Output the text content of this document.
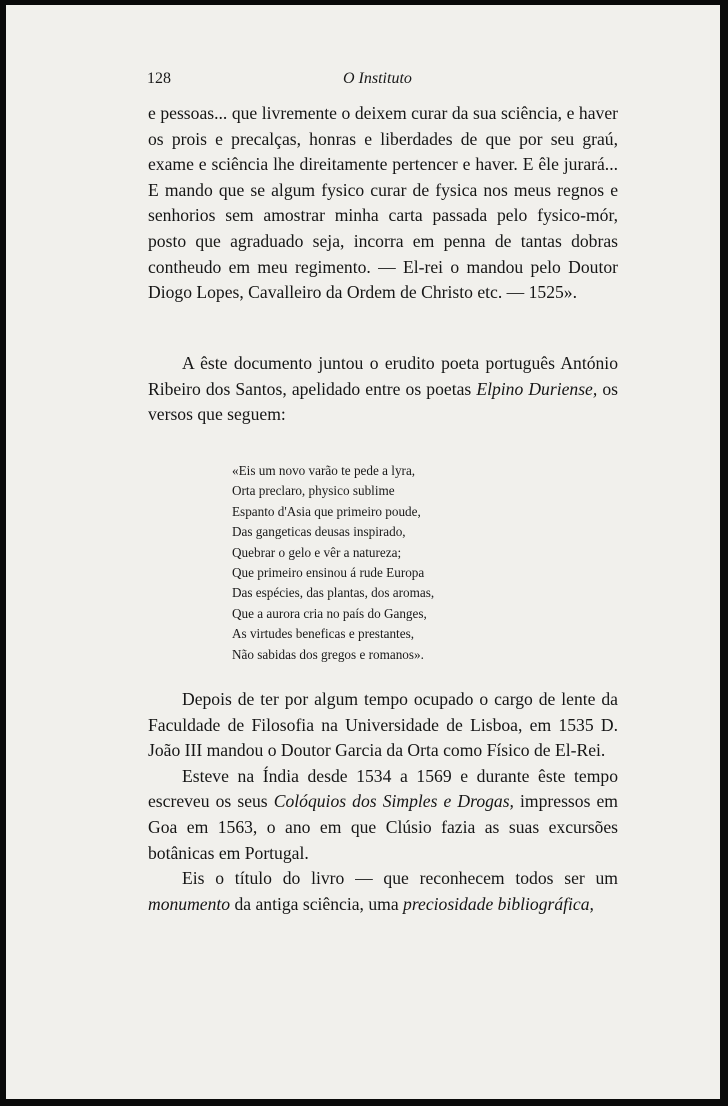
128	O Instituto

e pessoas... que livremente o deixem curar da sua sciência, e haver os prois e precalças, honras e liberdades de que por seu graú, exame e sciência lhe direitamente pertencer e haver. E êle jurará... E mando que se algum fysico curar de fysica nos meus regnos e senhorios sem amostrar minha carta passada pelo fysico-mór, posto que agraduado seja, incorra em penna de tantas dobras contheudo em meu regimento. — El-rei o mandou pelo Doutor Diogo Lopes, Cavalleiro da Ordem de Christo etc. — 1525».

A êste documento juntou o erudito poeta português António Ribeiro dos Santos, apelidado entre os poetas Elpino Duriense, os versos que seguem:

«Eis um novo varão te pede a lyra,
Orta preclaro, physico sublime
Espanto d'Asia que primeiro poude,
Das gangeticas deusas inspirado,
Quebrar o gelo e vêr a natureza;
Que primeiro ensinou á rude Europa
Das espécies, das plantas, dos aromas,
Que a aurora cria no país do Ganges,
As virtudes beneficas e prestantes,
Não sabidas dos gregos e romanos».

Depois de ter por algum tempo ocupado o cargo de lente da Faculdade de Filosofia na Universidade de Lisboa, em 1535 D. João III mandou o Doutor Garcia da Orta como Físico de El-Rei.

Esteve na Índia desde 1534 a 1569 e durante êste tempo escreveu os seus Colóquios dos Simples e Drogas, impressos em Goa em 1563, o ano em que Clúsio fazia as suas excursões botânicas em Portugal.

Eis o título do livro — que reconhecem todos ser um monumento da antiga sciência, uma preciosidade bibliográfica,
